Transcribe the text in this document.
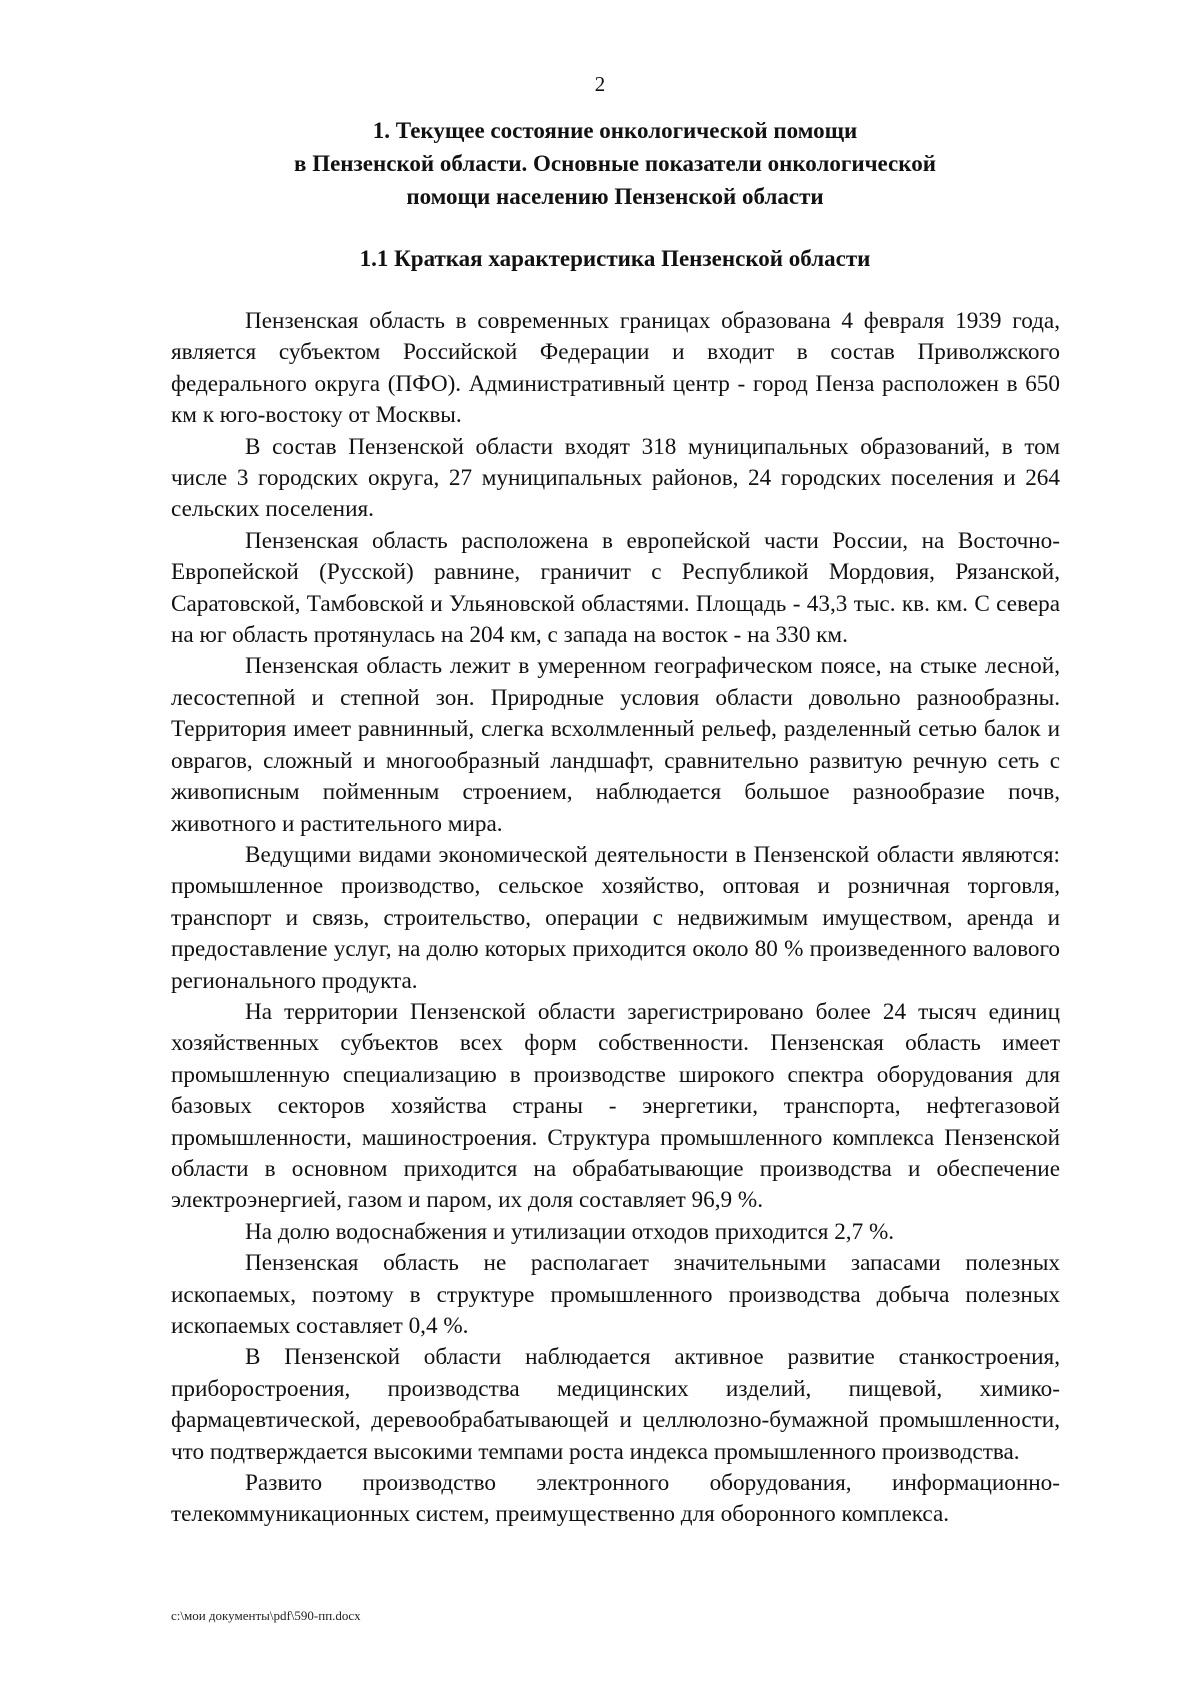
2
1. Текущее состояние онкологической помощи
в Пензенской области. Основные показатели онкологической
помощи населению Пензенской области
1.1 Краткая характеристика Пензенской области

Пензенская область в современных границах образована 4 февраля 1939 года, является субъектом Российской Федерации и входит в состав Приволжского федерального округа (ПФО). Административный центр - город Пенза расположен в 650 км к юго-востоку от Москвы.

В состав Пензенской области входят 318 муниципальных образований, в том числе 3 городских округа, 27 муниципальных районов, 24 городских поселения и 264 сельских поселения.

Пензенская область расположена в европейской части России, на Восточно-Европейской (Русской) равнине, граничит с Республикой Мордовия, Рязанской, Саратовской, Тамбовской и Ульяновской областями. Площадь - 43,3 тыс. кв. км. С севера на юг область протянулась на 204 км, с запада на восток - на 330 км.

Пензенская область лежит в умеренном географическом поясе, на стыке лесной, лесостепной и степной зон. Природные условия области довольно разнообразны. Территория имеет равнинный, слегка всхолмленный рельеф, разделенный сетью балок и оврагов, сложный и многообразный ландшафт, сравнительно развитую речную сеть с живописным пойменным строением, наблюдается большое разнообразие почв, животного и растительного мира.

Ведущими видами экономической деятельности в Пензенской области являются: промышленное производство, сельское хозяйство, оптовая и розничная торговля, транспорт и связь, строительство, операции с недвижимым имуществом, аренда и предоставление услуг, на долю которых приходится около 80 % произведенного валового регионального продукта.

На территории Пензенской области зарегистрировано более 24 тысяч единиц хозяйственных субъектов всех форм собственности. Пензенская область имеет промышленную специализацию в производстве широкого спектра оборудования для базовых секторов хозяйства страны - энергетики, транспорта, нефтегазовой промышленности, машиностроения. Структура промышленного комплекса Пензенской области в основном приходится на обрабатывающие производства и обеспечение электроэнергией, газом и паром, их доля составляет 96,9 %.

На долю водоснабжения и утилизации отходов приходится 2,7 %.

Пензенская область не располагает значительными запасами полезных ископаемых, поэтому в структуре промышленного производства добыча полезных ископаемых составляет 0,4 %.

В Пензенской области наблюдается активное развитие станкостроения, приборостроения, производства медицинских изделий, пищевой, химико-фармацевтической, деревообрабатывающей и целлюлозно-бумажной промышленности, что подтверждается высокими темпами роста индекса промышленного производства.

Развито производство электронного оборудования, информационно-телекоммуникационных систем, преимущественно для оборонного комплекса.

c:\мои документы\pdf\590-пп.docx
